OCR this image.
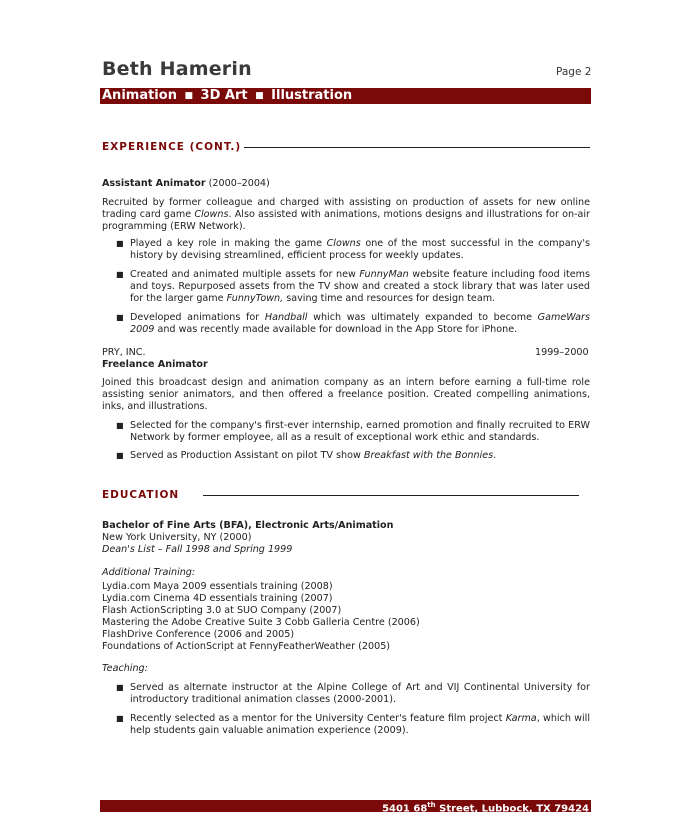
Beth Hamerin	Page 2
Animation ■ 3D Art ■ Illustration
EXPERIENCE (CONT.)
Assistant Animator (2000–2004)
Recruited by former colleague and charged with assisting on production of assets for new online trading card game Clowns. Also assisted with animations, motions designs and illustrations for on-air programming (ERW Network).
■ Played a key role in making the game Clowns one of the most successful in the company's history by devising streamlined, efficient process for weekly updates.
■ Created and animated multiple assets for new FunnyMan website feature including food items and toys. Repurposed assets from the TV show and created a stock library that was later used for the larger game FunnyTown, saving time and resources for design team.
■ Developed animations for Handball which was ultimately expanded to become GameWars 2009 and was recently made available for download in the App Store for iPhone.
PRY, INC.	1999–2000
Freelance Animator
Joined this broadcast design and animation company as an intern before earning a full-time role assisting senior animators, and then offered a freelance position. Created compelling animations, inks, and illustrations.
■ Selected for the company's first-ever internship, earned promotion and finally recruited to ERW Network by former employee, all as a result of exceptional work ethic and standards.
■ Served as Production Assistant on pilot TV show Breakfast with the Bonnies.
EDUCATION
Bachelor of Fine Arts (BFA), Electronic Arts/Animation
New York University, NY (2000)
Dean's List – Fall 1998 and Spring 1999
Additional Training:
Lydia.com Maya 2009 essentials training (2008)
Lydia.com Cinema 4D essentials training (2007)
Flash ActionScripting 3.0 at SUO Company (2007)
Mastering the Adobe Creative Suite 3 Cobb Galleria Centre (2006)
FlashDrive Conference (2006 and 2005)
Foundations of ActionScript at FennyFeatherWeather (2005)
Teaching:
■ Served as alternate instructor at the Alpine College of Art and VIJ Continental University for introductory traditional animation classes (2000-2001).
■ Recently selected as a mentor for the University Center's feature film project Karma, which will help students gain valuable animation experience (2009).
5401 68th Street, Lubbock, TX 79424
